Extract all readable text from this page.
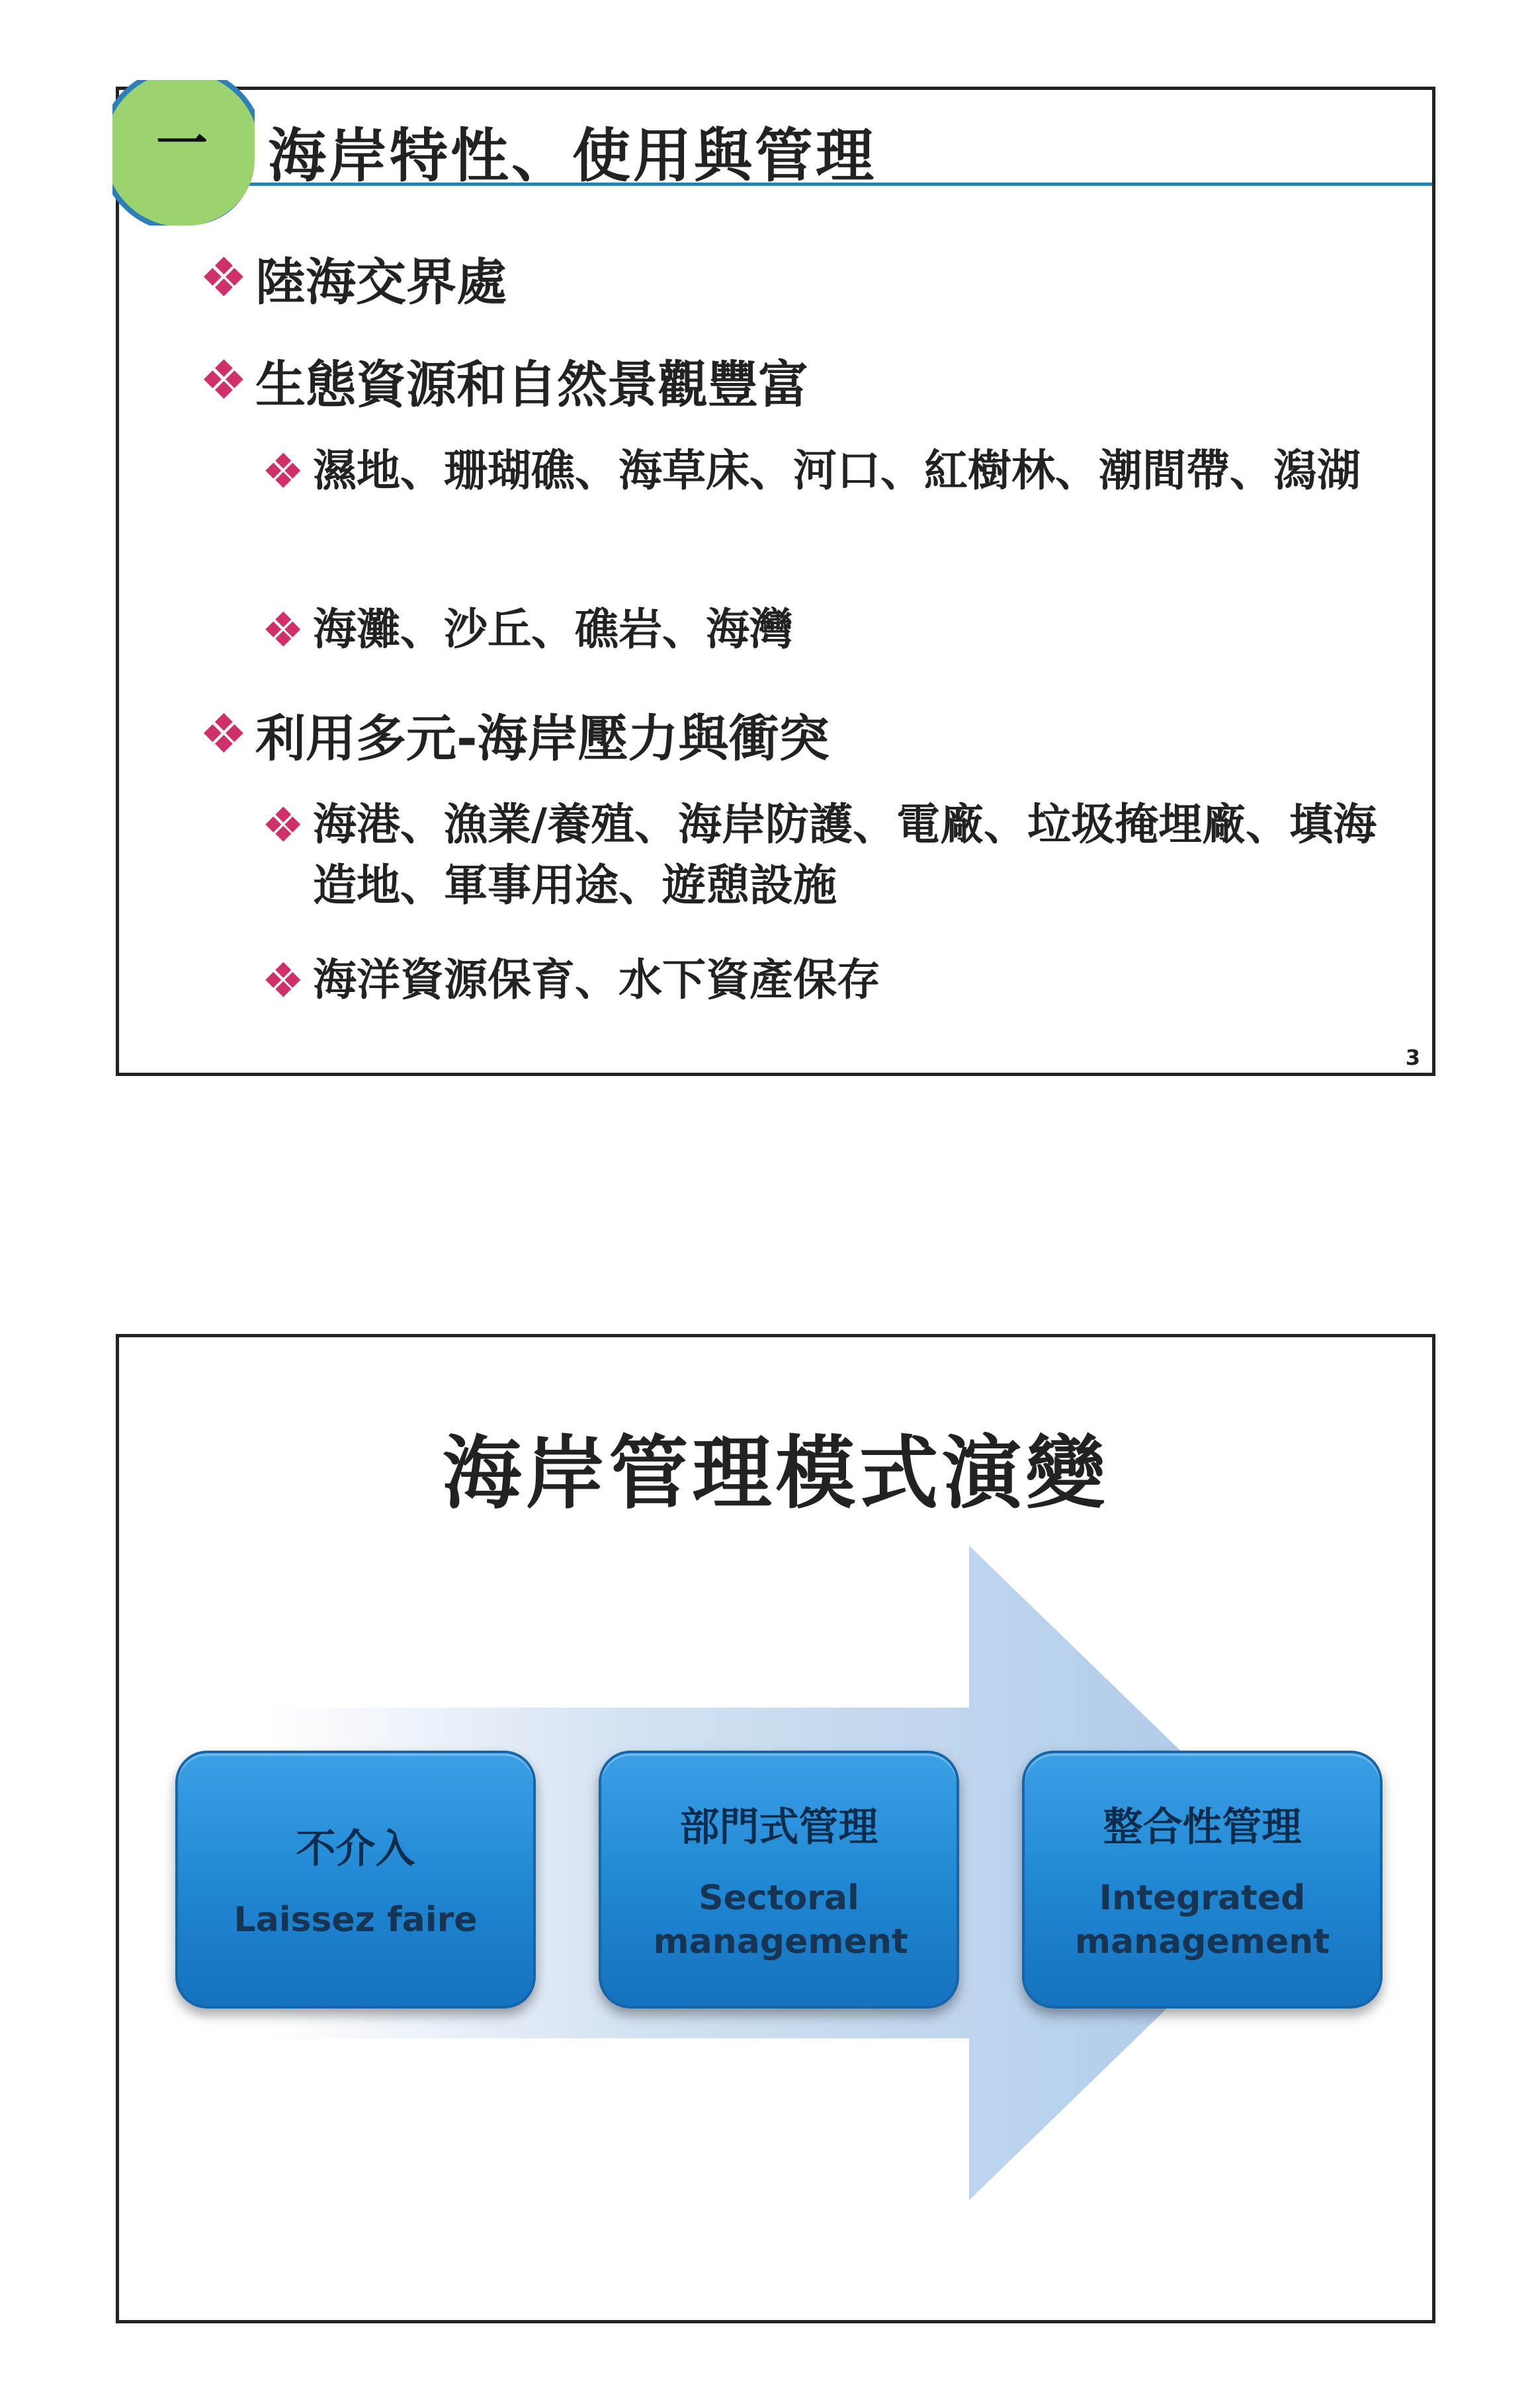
一 海岸特性、使用與管理
陸海交界處
生態資源和自然景觀豐富
濕地、珊瑚礁、海草床、河口、紅樹林、潮間帶、潟湖
海灘、沙丘、礁岩、海灣
利用多元-海岸壓力與衝突
海港、漁業/養殖、海岸防護、電廠、垃圾掩埋廠、填海造地、軍事用途、遊憩設施
海洋資源保育、水下資產保存
3
海岸管理模式演變
不介入
Laissez faire
部門式管理
Sectoral management
整合性管理
Integrated management
